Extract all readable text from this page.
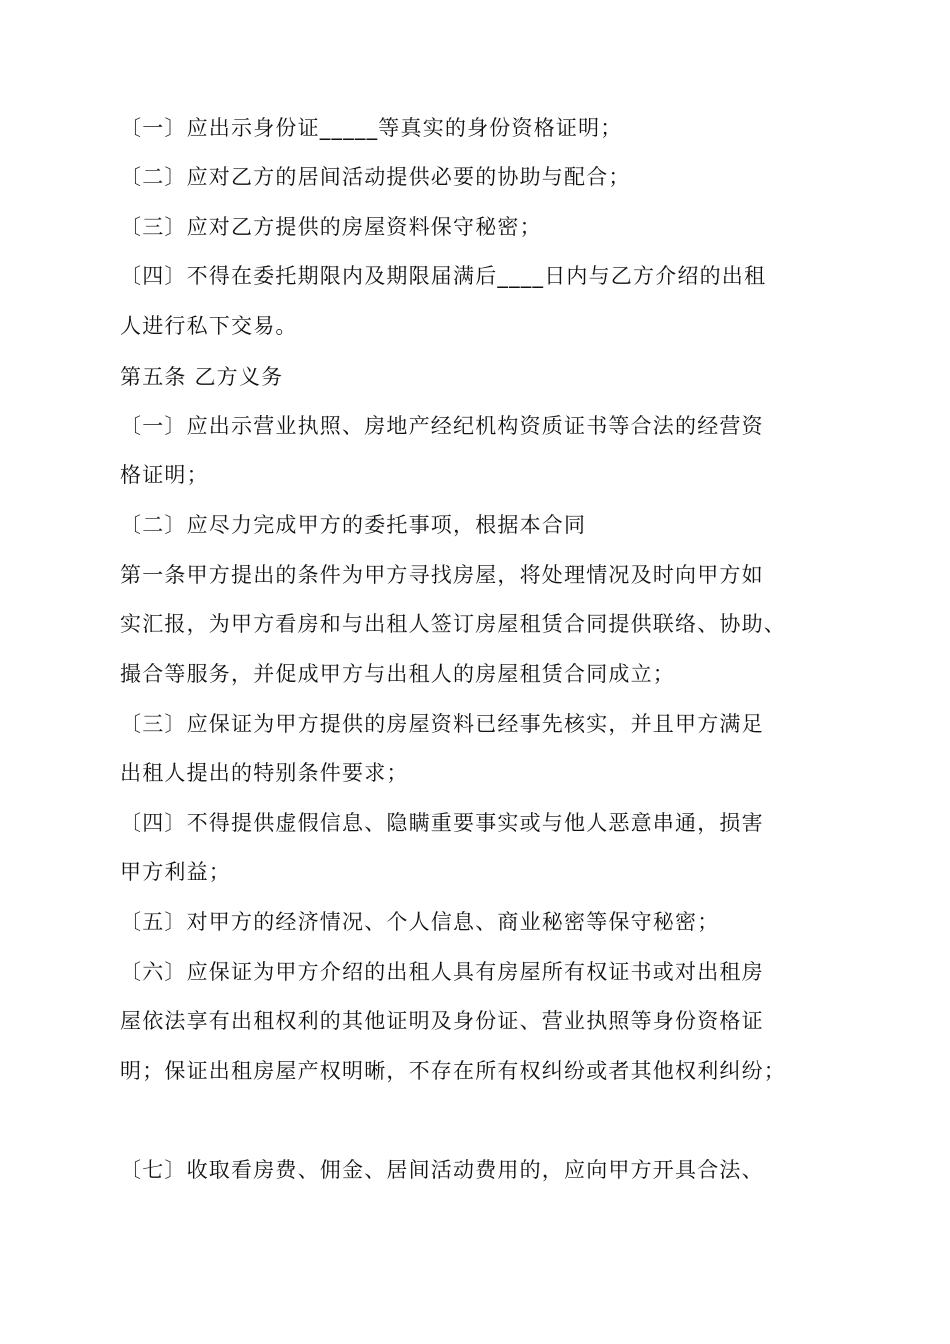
〔一〕应出示身份证_____等真实的身份资格证明；
〔二〕应对乙方的居间活动提供必要的协助与配合；
〔三〕应对乙方提供的房屋资料保守秘密；
〔四〕不得在委托期限内及期限届满后____日内与乙方介绍的出租
人进行私下交易。
第五条 乙方义务
〔一〕应出示营业执照、房地产经纪机构资质证书等合法的经营资
格证明；
〔二〕应尽力完成甲方的委托事项，根据本合同
第一条甲方提出的条件为甲方寻找房屋，将处理情况及时向甲方如
实汇报，为甲方看房和与出租人签订房屋租赁合同提供联络、协助、
撮合等服务，并促成甲方与出租人的房屋租赁合同成立；
〔三〕应保证为甲方提供的房屋资料已经事先核实，并且甲方满足
出租人提出的特别条件要求；
〔四〕不得提供虚假信息、隐瞒重要事实或与他人恶意串通，损害
甲方利益；
〔五〕对甲方的经济情况、个人信息、商业秘密等保守秘密；
〔六〕应保证为甲方介绍的出租人具有房屋所有权证书或对出租房
屋依法享有出租权利的其他证明及身份证、营业执照等身份资格证
明；保证出租房屋产权明晰，不存在所有权纠纷或者其他权利纠纷；
〔七〕收取看房费、佣金、居间活动费用的，应向甲方开具合法、
